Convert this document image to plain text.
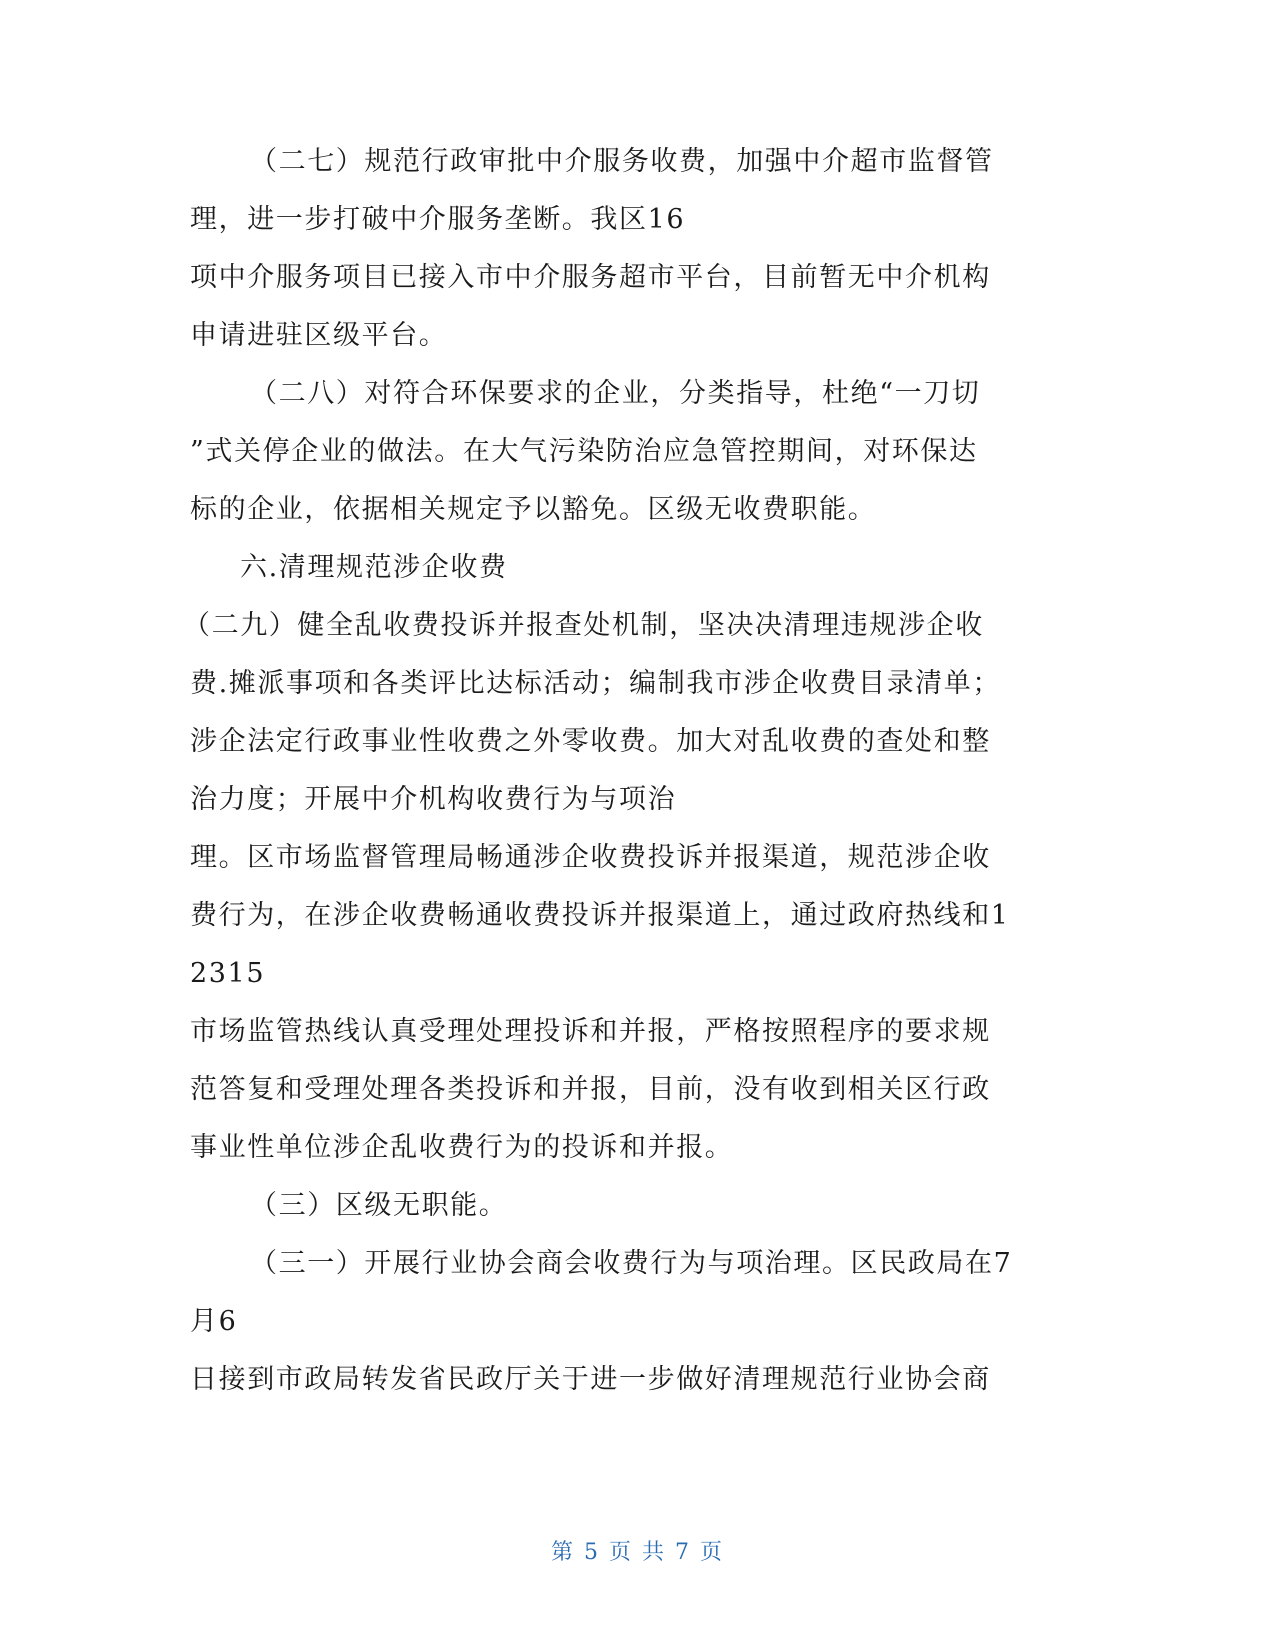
（二七）规范行政审批中介服务收费，加强中介超市监督管
理，进一步打破中介服务垄断。我区16
项中介服务项目已接入市中介服务超市平台，目前暂无中介机构
申请进驻区级平台。
（二八）对符合环保要求的企业，分类指导，杜绝“一刀切
”式关停企业的做法。在大气污染防治应急管控期间，对环保达
标的企业，依据相关规定予以豁免。区级无收费职能。
六.清理规范涉企收费
（二九）健全乱收费投诉并报查处机制，坚决决清理违规涉企收
费.摊派事项和各类评比达标活动；编制我市涉企收费目录清单；
涉企法定行政事业性收费之外零收费。加大对乱收费的查处和整
治力度；开展中介机构收费行为与项治
理。区市场监督管理局畅通涉企收费投诉并报渠道，规范涉企收
费行为，在涉企收费畅通收费投诉并报渠道上，通过政府热线和1
2315
市场监管热线认真受理处理投诉和并报，严格按照程序的要求规
范答复和受理处理各类投诉和并报，目前，没有收到相关区行政
事业性单位涉企乱收费行为的投诉和并报。
（三）区级无职能。
（三一）开展行业协会商会收费行为与项治理。区民政局在7
月6
日接到市政局转发省民政厅关于进一步做好清理规范行业协会商
第 5 页 共 7 页
